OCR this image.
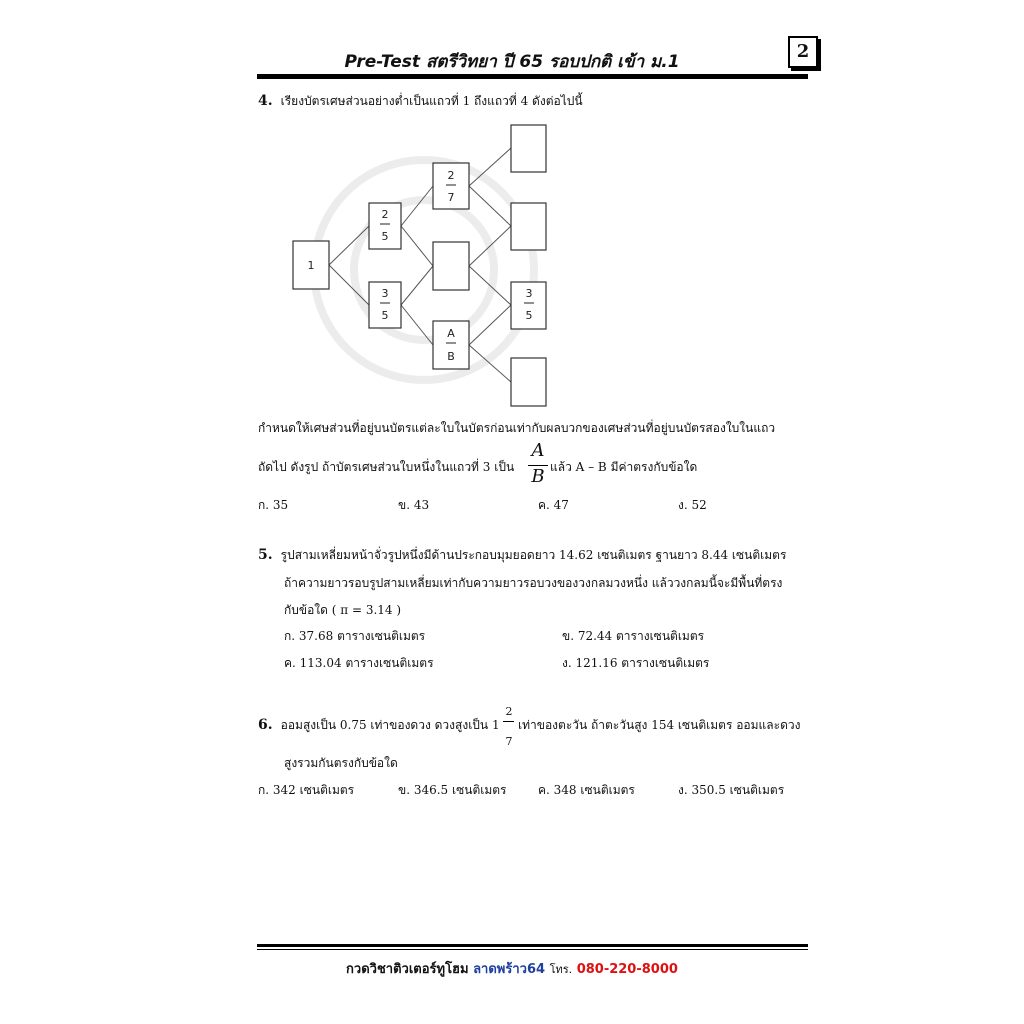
Pre-Test สตรีวิทยา ปี 65 รอบปกติ เข้า ม.1	2
4. เรียงบัตรเศษส่วนอย่างต่ำเป็นแถวที่ 1 ถึงแถวที่ 4 ดังต่อไปนี้
1
2
5
3
5
2
7
A
B
3
5
กำหนดให้เศษส่วนที่อยู่บนบัตรแต่ละใบในบัตรก่อนเท่ากับผลบวกของเศษส่วนที่อยู่บนบัตรสองใบในแถว
ถัดไป ดังรูป ถ้าบัตรเศษส่วนใบหนึ่งในแถวที่ 3 เป็น
A
B แล้ว A – B มีค่าตรงกับข้อใด
ก. 35	ข. 43	ค. 47	ง. 52
5. รูปสามเหลี่ยมหน้าจั่วรูปหนึ่งมีด้านประกอบมุมยอดยาว 14.62 เซนติเมตร ฐานยาว 8.44 เซนติเมตร
ถ้าความยาวรอบรูปสามเหลี่ยมเท่ากับความยาวรอบวงของวงกลมวงหนึ่ง แล้ววงกลมนี้จะมีพื้นที่ตรง
กับข้อใด ( π = 3.14 )
ก. 37.68 ตารางเซนติเมตร	ข. 72.44 ตารางเซนติเมตร
ค. 113.04 ตารางเซนติเมตร	ง. 121.16 ตารางเซนติเมตร
6. ออมสูงเป็น 0.75 เท่าของดวง ดวงสูงเป็น 1
2
7
เท่าของตะวัน ถ้าตะวันสูง 154 เซนติเมตร ออมและดวง
สูงรวมกันตรงกับข้อใด
ก. 342 เซนติเมตร	ข. 346.5 เซนติเมตร	ค. 348 เซนติเมตร	ง. 350.5 เซนติเมตร
กวดวิชาติวเตอร์ทูโฮม ลาดพร้าว64 โทร. 080-220-8000
